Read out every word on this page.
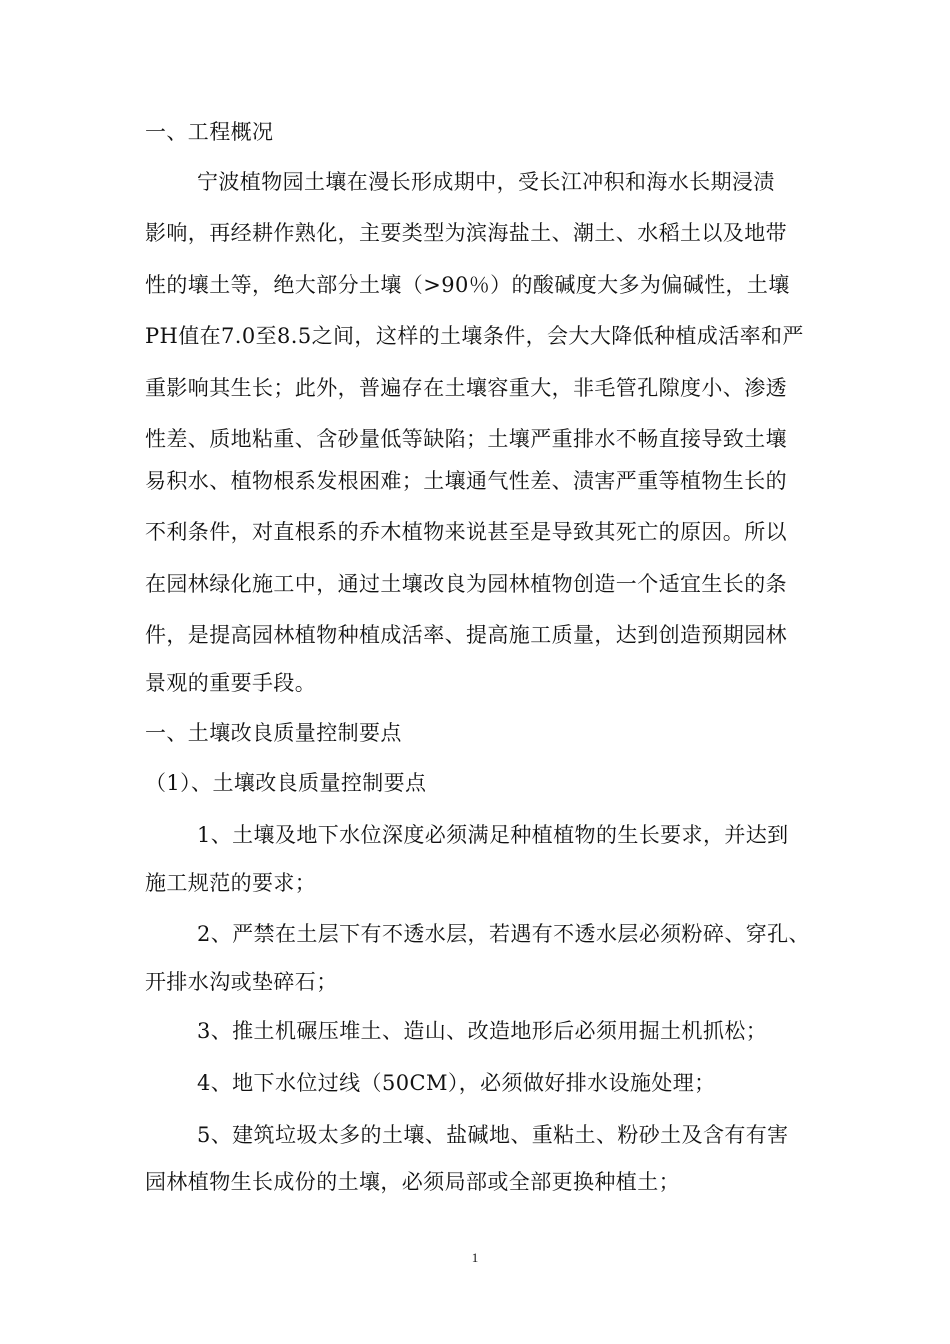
一、工程概况
宁波植物园土壤在漫长形成期中，受长江冲积和海水长期浸渍
影响，再经耕作熟化，主要类型为滨海盐土、潮土、水稻土以及地带
性的壤土等，绝大部分土壤（>90％）的酸碱度大多为偏碱性，土壤
PH值在7.0至8.5之间，这样的土壤条件，会大大降低种植成活率和严
重影响其生长；此外，普遍存在土壤容重大，非毛管孔隙度小、渗透
性差、质地粘重、含砂量低等缺陷；土壤严重排水不畅直接导致土壤
易积水、植物根系发根困难；土壤通气性差、渍害严重等植物生长的
不利条件，对直根系的乔木植物来说甚至是导致其死亡的原因。所以
在园林绿化施工中，通过土壤改良为园林植物创造一个适宜生长的条
件，是提高园林植物种植成活率、提高施工质量，达到创造预期园林
景观的重要手段。
一、土壤改良质量控制要点
（1）、土壤改良质量控制要点
1、土壤及地下水位深度必须满足种植植物的生长要求，并达到
施工规范的要求；
2、严禁在土层下有不透水层，若遇有不透水层必须粉碎、穿孔、
开排水沟或垫碎石；
3、推土机碾压堆土、造山、改造地形后必须用掘土机抓松；
4、地下水位过线（50CM），必须做好排水设施处理；
5、建筑垃圾太多的土壤、盐碱地、重粘土、粉砂土及含有有害
园林植物生长成份的土壤，必须局部或全部更换种植土；
1
